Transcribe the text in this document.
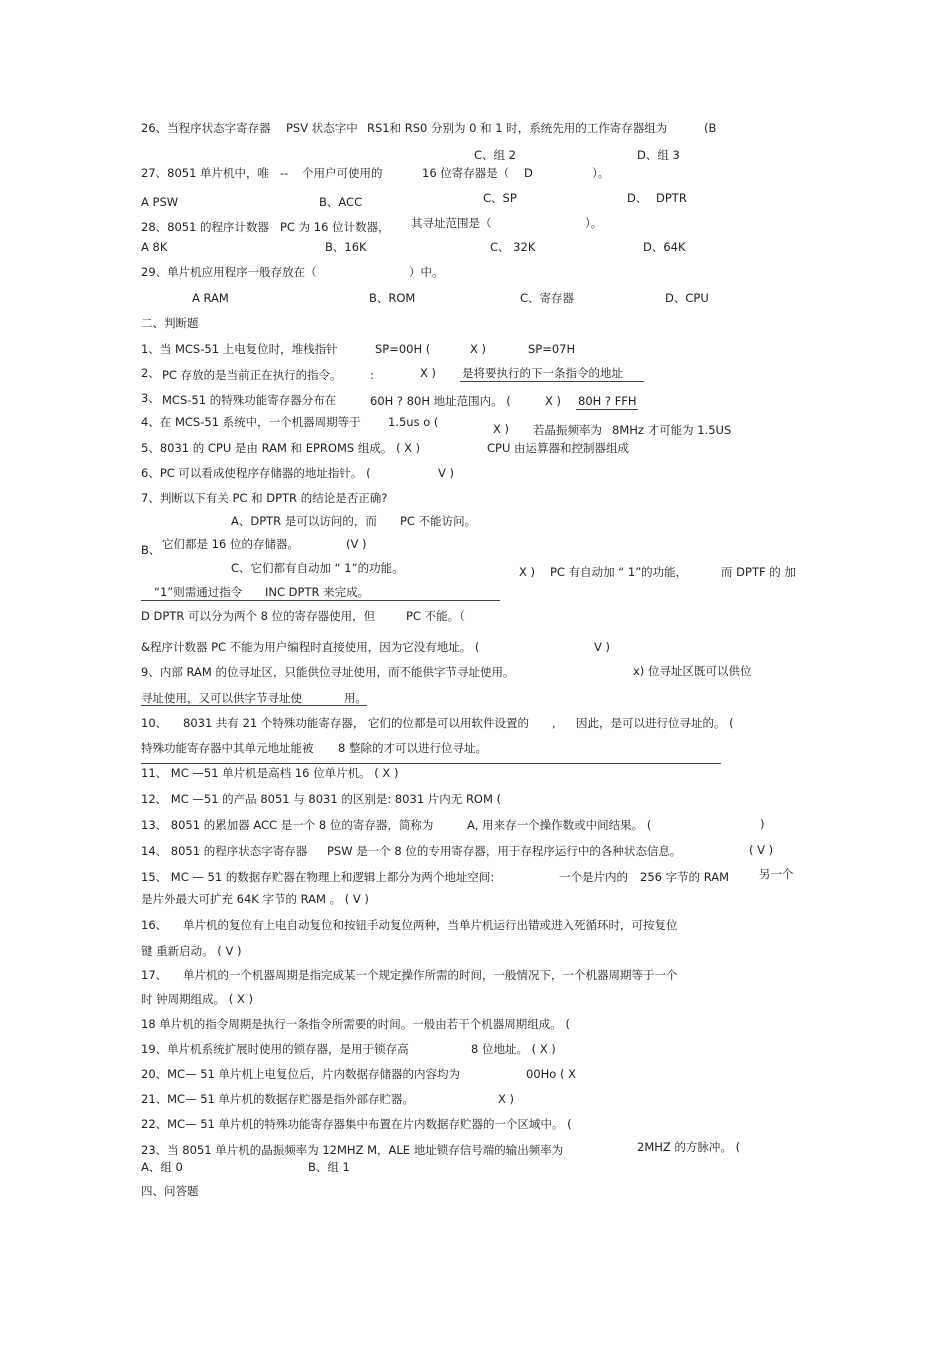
26、当程序状态字寄存器 PSV 状态字中 RS1和 RS0 分别为 0 和 1 时，系统先用的工作寄存器组为	(B
C、组 2	D、组 3
27、8051 单片机中，唯 -- 个用户可使用的	16 位寄存器是（ D	）。
A PSW	B、ACC	C、SP	D、 DPTR
28、8051 的程序计数器 PC 为 16 位计数器， 其寻址范围是（	）。
A 8K	B、16K	C、 32K	D、64K
29、单片机应用程序一般存放在（	）中。
A RAM	B、ROM	C、寄存器	D、CPU
二、判断题
1、当 MCS-51 上电复位时，堆栈指针	SP=00H (	X )	SP=07H
2、 PC 存放的是当前正在执行的指令。 :	X ) 是将要执行的下一条指令的地址
3、 MCS-51 的特殊功能寄存器分布在	60H ? 80H 地址范围内。 (	X ) 80H ? FFH
4、在 MCS-51 系统中，一个机器周期等于 1.5us o (	X ) 若晶振频率为 8MHz 才可能为 1.5US
5、8031 的 CPU 是由 RAM 和 EPROMS 组成。 ( X )	CPU 由运算器和控制器组成
6、PC 可以看成使程序存储器的地址指针。 (	V )
7、判断以下有关 PC 和 DPTR 的结论是否正确?
A、DPTR 是可以访问的，而 PC 不能访问。
B、 它们都是 16 位的存储器。	(V )
C、它们都有自动加 “ 1”的功能。	X ) PC 有自动加 “ 1”的功能，	而 DPTF 的 加
“1”则需通过指令 INC DPTR 来完成。
D DPTR 可以分为两个 8 位的寄存器使用，但	PC 不能。（
&程序计数器 PC 不能为用户编程时直接使用，因为它没有地址。 (	V )
9、内部 RAM 的位寻址区，只能供位寻址使用，而不能供字节寻址使用。	x) 位寻址区既可以供位
寻址使用，又可以供字节寻址使	用。
10、 8031 共有 21 个特殊功能寄存器， 它们的位都是可以用软件设置的 , 因此，是可以进行位寻址的。 (
特殊功能寄存器中其单元地址能被 8 整除的才可以进行位寻址。
11、 MC —51 单片机是高档 16 位单片机。 ( X )
12、 MC —51 的产品 8051 与 8031 的区别是: 8031 片内无 ROM (
13、 8051 的累加器 ACC 是一个 8 位的寄存器，简称为	A, 用来存一个操作数或中间结果。 (	)
14、 8051 的程序状态字寄存器 PSW 是一个 8 位的专用寄存器，用于存程序运行中的各种状态信息。	( V )
15、 MC — 51 的数据存贮器在物理上和逻辑上都分为两个地址空间:	一个是片内的 256 字节的 RAM	另一个
是片外最大可扩充 64K 字节的 RAM 。 ( V )
16、 单片机的复位有上电自动复位和按钮手动复位两种，当单片机运行出错或进入死循环时，可按复位
键 重新启动。 ( V )
17、 单片机的一个机器周期是指完成某一个规定操作所需的时间，一般情况下，一个机器周期等于一个
时 钟周期组成。 ( X )
18 单片机的指令周期是执行一条指令所需要的时间。一般由若干个机器周期组成。 (
19、单片机系统扩展时使用的锁存器，是用于锁存高	8 位地址。 ( X )
20、MC— 51 单片机上电复位后，片内数据存储器的内容均为	00Ho ( X
21、MC— 51 单片机的数据存贮器是指外部存贮器。	X )
22、MC— 51 单片机的特殊功能寄存器集中布置在片内数据存贮器的一个区域中。 (
23、当 8051 单片机的晶振频率为 12MHZ M，ALE 地址锁存信号端的输出频率为	2MHZ 的方脉冲。 (
A、组 0	B、组 1
四、问答题
